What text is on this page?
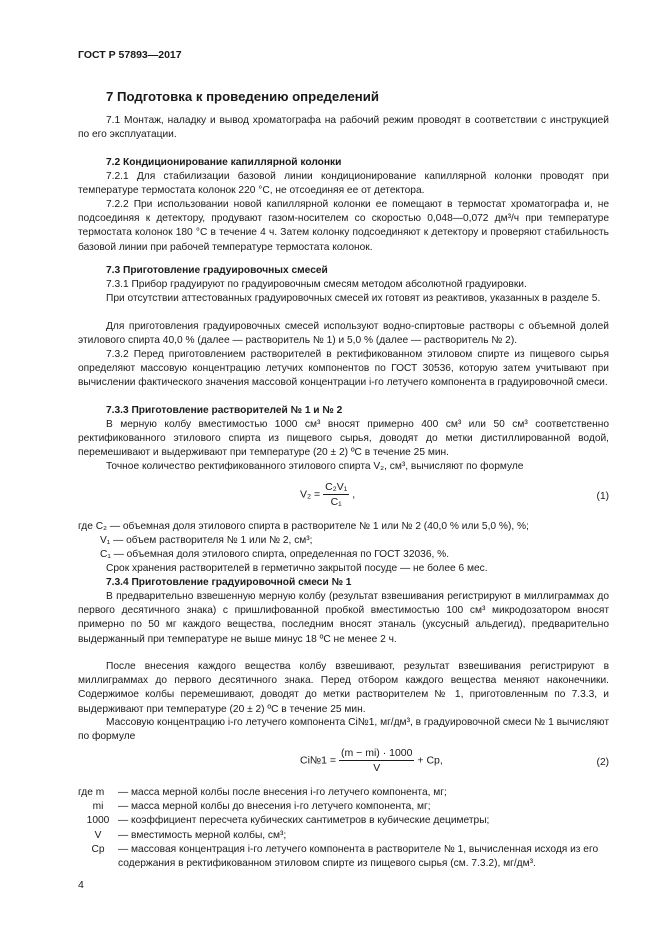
ГОСТ Р 57893—2017

7 Подготовка к проведению определений

7.1 Монтаж, наладку и вывод хроматографа на рабочий режим проводят в соответствии с инструкцией по его эксплуатации.

7.2 Кондиционирование капиллярной колонки

7.2.1 Для стабилизации базовой линии кондиционирование капиллярной колонки проводят при температуре термостата колонок 220 °С, не отсоединяя ее от детектора.

7.2.2 При использовании новой капиллярной колонки ее помещают в термостат хроматографа и, не подсоединяя к детектору, продувают газом-носителем со скоростью 0,048—0,072 дм³/ч при температуре термостата колонок 180 °С в течение 4 ч. Затем колонку подсоединяют к детектору и проверяют стабильность базовой линии при рабочей температуре термостата колонок.

7.3 Приготовление градуировочных смесей

7.3.1 Прибор градуируют по градуировочным смесям методом абсолютной градуировки.

При отсутствии аттестованных градуировочных смесей их готовят из реактивов, указанных в разделе 5.

Для приготовления градуировочных смесей используют водно-спиртовые растворы с объемной долей этилового спирта 40,0 % (далее — растворитель № 1) и 5,0 % (далее — растворитель № 2).

7.3.2 Перед приготовлением растворителей в ректификованном этиловом спирте из пищевого сырья определяют массовую концентрацию летучих компонентов по ГОСТ 30536, которую затем учитывают при вычислении фактического значения массовой концентрации i-го летучего компонента в градуировочной смеси.

7.3.3 Приготовление растворителей № 1 и № 2

В мерную колбу вместимостью 1000 см³ вносят примерно 400 см³ или 50 см³ соответственно ректификованного этилового спирта из пищевого сырья, доводят до метки дистиллированной водой, перемешивают и выдерживают при температуре (20 ± 2) ºС в течение 25 мин.

Точное количество ректификованного этилового спирта V₂, см³, вычисляют по формуле

$V_2 = \frac{\text{C₂V₁}}{\text{C₁}}$ ,	(1)

где C₂ — объемная доля этилового спирта в растворителе № 1 или № 2 (40,0 % или 5,0 %), %;

V₁ — объем растворителя № 1 или № 2, см³;

C₁ — объемная доля этилового спирта, определенная по ГОСТ 32036, %.

Срок хранения растворителей в герметично закрытой посуде — не более 6 мес.

7.3.4 Приготовление градуировочной смеси № 1

В предварительно взвешенную мерную колбу (результат взвешивания регистрируют в миллиграммах до первого десятичного знака) с пришлифованной пробкой вместимостью 100 см³ микродозатором вносят примерно по 50 мг каждого вещества, последним вносят этаналь (уксусный альдегид), предварительно выдержанный при температуре не выше минус 18 ºС не менее 2 ч.

После внесения каждого вещества колбу взвешивают, результат взвешивания регистрируют в миллиграммах до первого десятичного знака. Перед отбором каждого вещества меняют наконечники. Содержимое колбы перемешивают, доводят до метки растворителем № 1, приготовленным по 7.3.3, и выдерживают при температуре (20 ± 2) ºС в течение 25 мин.

Массовую концентрацию i-го летучего компонента Ci№1, мг/дм³, в градуировочной смеси № 1 вычисляют по формуле

Ci№1 = $\frac{(m - mi) \cdot 1000}{V}$ + Cр,	(2)
где m	— масса мерной колбы после внесения i-го летучего компонента, мг;
mi	— масса мерной колбы до внесения i-го летучего компонента, мг;
1000 — коэффициент пересчета кубических сантиметров в кубические дециметры;
V	— вместимость мерной колбы, см³;
Cр	— массовая концентрация i-го летучего компонента в растворителе № 1, вычисленная исходя из его содержания в ректификованном этиловом спирте из пищевого сырья (см. 7.3.2), мг/дм³.
4
